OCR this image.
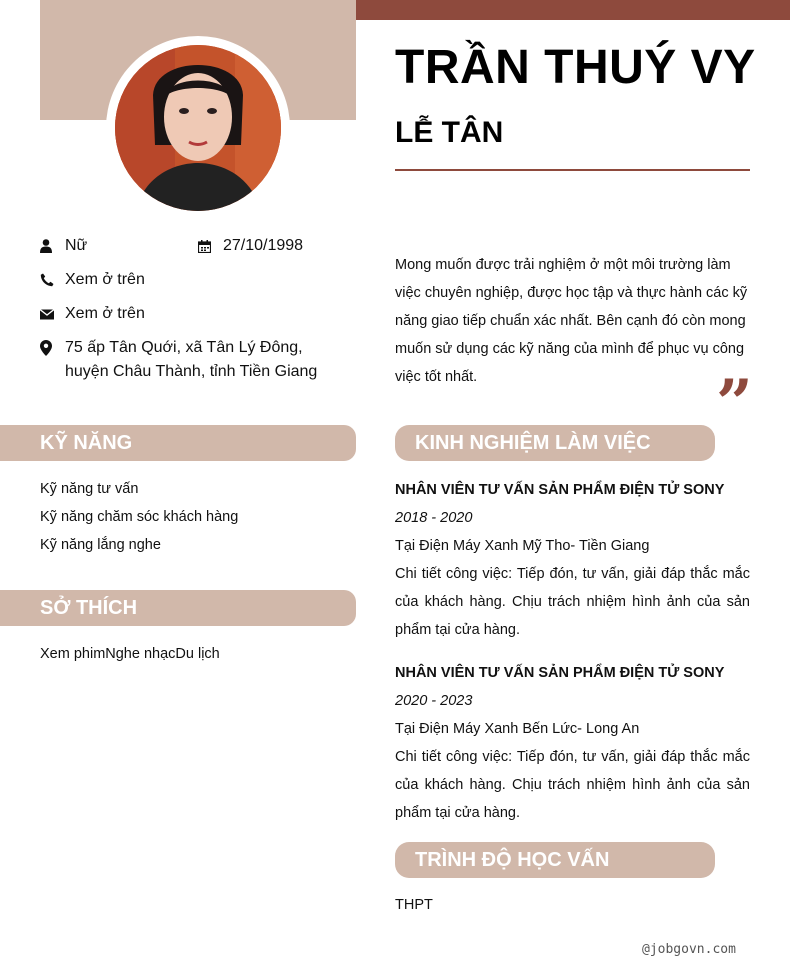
TRẦN THUÝ VY
LỄ TÂN
Nữ	27/10/1998
Xem ở trên
Xem ở trên
75 ấp Tân Quới, xã Tân Lý Đông,
huyện Châu Thành, tỉnh Tiền Giang
Mong muốn được trải nghiệm ở một môi trường làm việc chuyên nghiệp, được học tập và thực hành các kỹ năng giao tiếp chuẩn xác nhất. Bên cạnh đó còn mong muốn sử dụng các kỹ năng của mình để phục vụ công việc tốt nhất.	”
KỸ NĂNG
Kỹ năng tư vấn
Kỹ năng chăm sóc khách hàng
Kỹ năng lắng nghe
SỞ THÍCH
Xem phimNghe nhạcDu lịch
KINH NGHIỆM LÀM VIỆC
NHÂN VIÊN TƯ VẤN SẢN PHẨM ĐIỆN TỬ SONY
2018 - 2020
Tại Điện Máy Xanh Mỹ Tho- Tiền Giang
Chi tiết công việc: Tiếp đón, tư vấn, giải đáp thắc mắc của khách hàng. Chịu trách nhiệm hình ảnh của sản phẩm tại cửa hàng.
NHÂN VIÊN TƯ VẤN SẢN PHẨM ĐIỆN TỬ SONY
2020 - 2023
Tại Điện Máy Xanh Bến Lức- Long An
Chi tiết công việc: Tiếp đón, tư vấn, giải đáp thắc mắc của khách hàng. Chịu trách nhiệm hình ảnh của sản phẩm tại cửa hàng.
TRÌNH ĐỘ HỌC VẤN
THPT
@jobgovn.com
